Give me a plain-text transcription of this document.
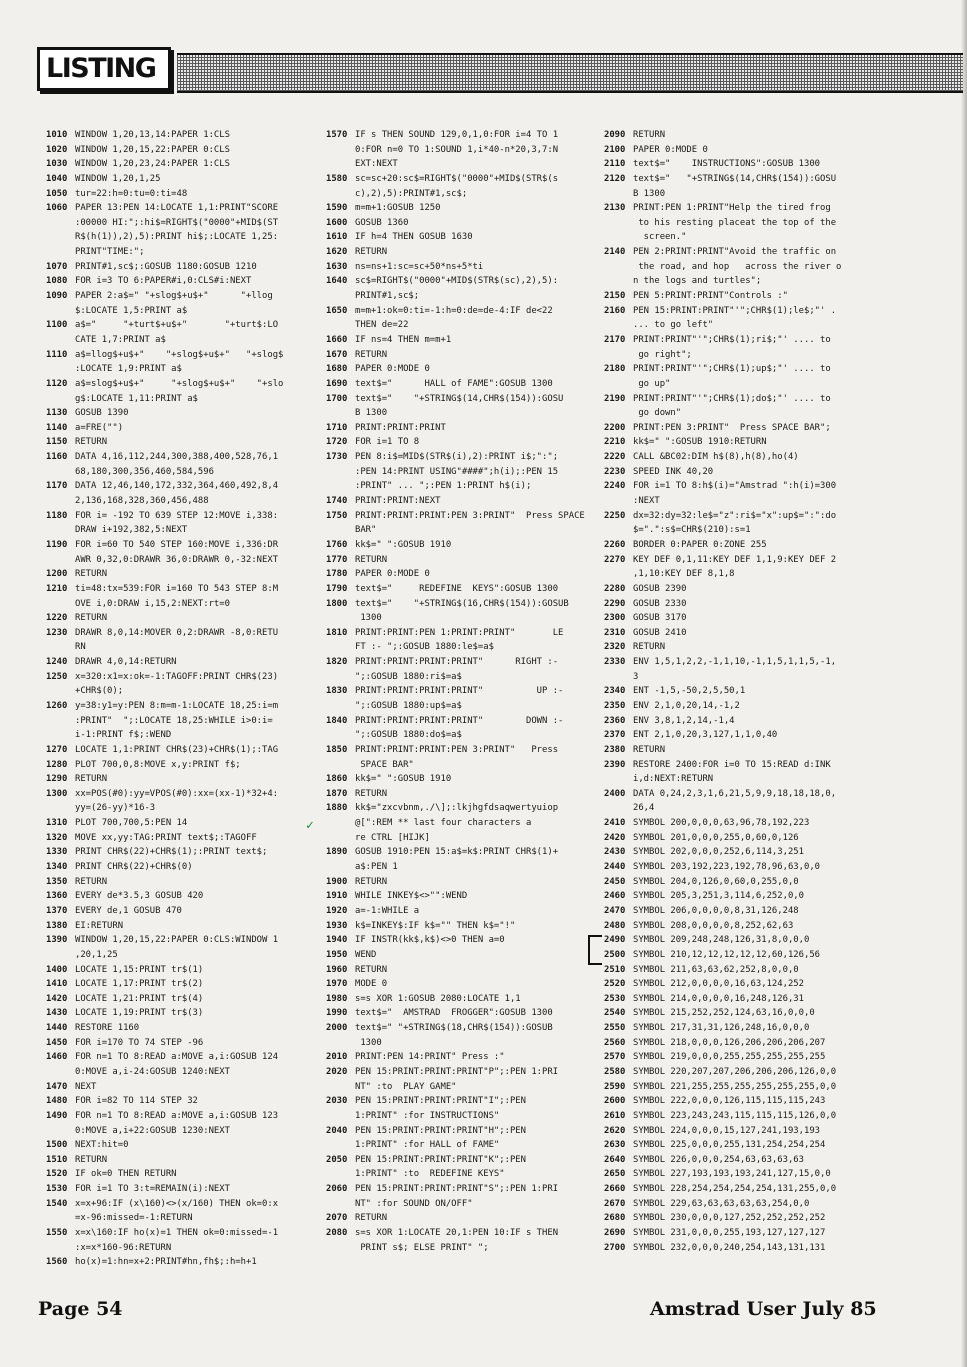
LISTING
1010 WINDOW 1,20,13,14:PAPER 1:CLS
1020 WINDOW 1,20,15,22:PAPER 0:CLS
1030 WINDOW 1,20,23,24:PAPER 1:CLS
1040 WINDOW 1,20,1,25
1050 tur=22:h=0:tu=0:ti=48
1060 PAPER 13:PEN 14:LOCATE 1,1:PRINT"SCORE
:00000 HI:";:hi$=RIGHT$("0000"+MID$(ST
R$(h(1)),2),5):PRINT hi$;:LOCATE 1,25:
PRINT"TIME:";
1070 PRINT#1,sc$;:GOSUB 1180:GOSUB 1210
1080 FOR i=3 TO 6:PAPER#i,0:CLS#i:NEXT
1090 PAPER 2:a$=" "+slog$+u$+"      "+llog
$:LOCATE 1,5:PRINT a$
1100 a$="     "+turt$+u$+"       "+turt$:LO
CATE 1,7:PRINT a$
1110 a$=llog$+u$+"    "+slog$+u$+"   "+slog$
:LOCATE 1,9:PRINT a$
1120 a$=slog$+u$+"     "+slog$+u$+"    "+slo
g$:LOCATE 1,11:PRINT a$
1130 GOSUB 1390
1140 a=FRE("")
1150 RETURN
1160 DATA 4,16,112,244,300,388,400,528,76,1
68,180,300,356,460,584,596
1170 DATA 12,46,140,172,332,364,460,492,8,4
2,136,168,328,360,456,488
1180 FOR i= -192 TO 639 STEP 12:MOVE i,338:
DRAW i+192,382,5:NEXT
1190 FOR i=60 TO 540 STEP 160:MOVE i,336:DR
AWR 0,32,0:DRAWR 36,0:DRAWR 0,-32:NEXT
1200 RETURN
1210 ti=48:tx=539:FOR i=160 TO 543 STEP 8:M
OVE i,0:DRAW i,15,2:NEXT:rt=0
1220 RETURN
1230 DRAWR 8,0,14:MOVER 0,2:DRAWR -8,0:RETU
RN
1240 DRAWR 4,0,14:RETURN
1250 x=320:x1=x:ok=-1:TAGOFF:PRINT CHR$(23)
+CHR$(0);
1260 y=38:y1=y:PEN 8:m=m-1:LOCATE 18,25:i=m
:PRINT"  ";:LOCATE 18,25:WHILE i>0:i=
i-1:PRINT f$;:WEND
1270 LOCATE 1,1:PRINT CHR$(23)+CHR$(1);:TAG
1280 PLOT 700,0,8:MOVE x,y:PRINT f$;
1290 RETURN
1300 xx=POS(#0):yy=VPOS(#0):xx=(xx-1)*32+4:
yy=(26-yy)*16-3
1310 PLOT 700,700,5:PEN 14
1320 MOVE xx,yy:TAG:PRINT text$;:TAGOFF
1330 PRINT CHR$(22)+CHR$(1);:PRINT text$;
1340 PRINT CHR$(22)+CHR$(0)
1350 RETURN
1360 EVERY de*3.5,3 GOSUB 420
1370 EVERY de,1 GOSUB 470
1380 EI:RETURN
1390 WINDOW 1,20,15,22:PAPER 0:CLS:WINDOW 1
,20,1,25
1400 LOCATE 1,15:PRINT tr$(1)
1410 LOCATE 1,17:PRINT tr$(2)
1420 LOCATE 1,21:PRINT tr$(4)
1430 LOCATE 1,19:PRINT tr$(3)
1440 RESTORE 1160
1450 FOR i=170 TO 74 STEP -96
1460 FOR n=1 TO 8:READ a:MOVE a,i:GOSUB 124
0:MOVE a,i-24:GOSUB 1240:NEXT
1470 NEXT
1480 FOR i=82 TO 114 STEP 32
1490 FOR n=1 TO 8:READ a:MOVE a,i:GOSUB 123
0:MOVE a,i+22:GOSUB 1230:NEXT
1500 NEXT:hit=0
1510 RETURN
1520 IF ok=0 THEN RETURN
1530 FOR i=1 TO 3:t=REMAIN(i):NEXT
1540 x=x+96:IF (x\160)<>(x/160) THEN ok=0:x
=x-96:missed=-1:RETURN
1550 x=x\160:IF ho(x)=1 THEN ok=0:missed=-1
:x=x*160-96:RETURN
1560 ho(x)=1:hn=x+2:PRINT#hn,fh$;:h=h+1
1570 IF s THEN SOUND 129,0,1,0:FOR i=4 TO 1
0:FOR n=0 TO 1:SOUND 1,i*40-n*20,3,7:N
EXT:NEXT
1580 sc=sc+20:sc$=RIGHT$("0000"+MID$(STR$(s
c),2),5):PRINT#1,sc$;
1590 m=m+1:GOSUB 1250
1600 GOSUB 1360
1610 IF h=4 THEN GOSUB 1630
1620 RETURN
1630 ns=ns+1:sc=sc+50*ns+5*ti
1640 sc$=RIGHT$("0000"+MID$(STR$(sc),2),5):
PRINT#1,sc$;
1650 m=m+1:ok=0:ti=-1:h=0:de=de-4:IF de<22
THEN de=22
1660 IF ns=4 THEN m=m+1
1670 RETURN
1680 PAPER 0:MODE 0
1690 text$="      HALL of FAME":GOSUB 1300
1700 text$="    "+STRING$(14,CHR$(154)):GOSU
B 1300
1710 PRINT:PRINT:PRINT
1720 FOR i=1 TO 8
1730 PEN 8:i$=MID$(STR$(i),2):PRINT i$;":";
:PEN 14:PRINT USING"####";h(i);:PEN 15
:PRINT" ... ";:PEN 1:PRINT h$(i);
1740 PRINT:PRINT:NEXT
1750 PRINT:PRINT:PRINT:PEN 3:PRINT"  Press SPACE
BAR"
1760 kk$=" ":GOSUB 1910
1770 RETURN
1780 PAPER 0:MODE 0
1790 text$="     REDEFINE  KEYS":GOSUB 1300
1800 text$="    "+STRING$(16,CHR$(154)):GOSUB
1300
1810 PRINT:PRINT:PEN 1:PRINT:PRINT"       LE
FT :- ";:GOSUB 1880:le$=a$
1820 PRINT:PRINT:PRINT:PRINT"      RIGHT :-
";:GOSUB 1880:ri$=a$
1830 PRINT:PRINT:PRINT:PRINT"          UP :-
";:GOSUB 1880:up$=a$
1840 PRINT:PRINT:PRINT:PRINT"        DOWN :-
";:GOSUB 1880:do$=a$
1850 PRINT:PRINT:PRINT:PEN 3:PRINT"   Press
SPACE BAR"
1860 kk$=" ":GOSUB 1910
1870 RETURN
1880 kk$="zxcvbnm,./\];:lkjhgfdsaqwertyuiop
@[":REM ** last four characters a
re CTRL [HIJK]
1890 GOSUB 1910:PEN 15:a$=k$:PRINT CHR$(1)+
a$:PEN 1
1900 RETURN
1910 WHILE INKEY$<>"":WEND
1920 a=-1:WHILE a
1930 k$=INKEY$:IF k$="" THEN k$="!"
1940 IF INSTR(kk$,k$)<>0 THEN a=0
1950 WEND
1960 RETURN
1970 MODE 0
1980 s=s XOR 1:GOSUB 2080:LOCATE 1,1
1990 text$="  AMSTRAD  FROGGER":GOSUB 1300
2000 text$=" "+STRING$(18,CHR$(154)):GOSUB
1300
2010 PRINT:PEN 14:PRINT" Press :"
2020 PEN 15:PRINT:PRINT:PRINT"P";:PEN 1:PRI
NT" :to  PLAY GAME"
2030 PEN 15:PRINT:PRINT:PRINT"I";:PEN
1:PRINT" :for INSTRUCTIONS"
2040 PEN 15:PRINT:PRINT:PRINT"H";:PEN
1:PRINT" :for HALL of FAME"
2050 PEN 15:PRINT:PRINT:PRINT"K";:PEN
1:PRINT" :to  REDEFINE KEYS"
2060 PEN 15:PRINT:PRINT:PRINT"S";:PEN 1:PRI
NT" :for SOUND ON/OFF"
2070 RETURN
2080 s=s XOR 1:LOCATE 20,1:PEN 10:IF s THEN
PRINT s$; ELSE PRINT" ";
2090 RETURN
2100 PAPER 0:MODE 0
2110 text$="    INSTRUCTIONS":GOSUB 1300
2120 text$="   "+STRING$(14,CHR$(154)):GOSU
B 1300
2130 PRINT:PEN 1:PRINT"Help the tired frog
to his resting placeat the top of the
screen."
2140 PEN 2:PRINT:PRINT"Avoid the traffic on
the road, and hop   across the river o
n the logs and turtles";
2150 PEN 5:PRINT:PRINT"Controls :"
2160 PEN 15:PRINT:PRINT"'";CHR$(1);le$;"' .
... to go left"
2170 PRINT:PRINT"'";CHR$(1);ri$;"' .... to
go right";
2180 PRINT:PRINT"'";CHR$(1);up$;"' .... to
go up"
2190 PRINT:PRINT"'";CHR$(1);do$;"' .... to
go down"
2200 PRINT:PEN 3:PRINT"  Press SPACE BAR";
2210 kk$=" ":GOSUB 1910:RETURN
2220 CALL &BC02:DIM h$(8),h(8),ho(4)
2230 SPEED INK 40,20
2240 FOR i=1 TO 8:h$(i)="Amstrad ":h(i)=300
:NEXT
2250 dx=32:dy=32:le$="z":ri$="x":up$=":":do
$=".":s$=CHR$(210):s=1
2260 BORDER 0:PAPER 0:ZONE 255
2270 KEY DEF 0,1,11:KEY DEF 1,1,9:KEY DEF 2
,1,10:KEY DEF 8,1,8
2280 GOSUB 2390
2290 GOSUB 2330
2300 GOSUB 3170
2310 GOSUB 2410
2320 RETURN
2330 ENV 1,5,1,2,2,-1,1,10,-1,1,5,1,1,5,-1,
3
2340 ENT -1,5,-50,2,5,50,1
2350 ENV 2,1,0,20,14,-1,2
2360 ENV 3,8,1,2,14,-1,4
2370 ENT 2,1,0,20,3,127,1,1,0,40
2380 RETURN
2390 RESTORE 2400:FOR i=0 TO 15:READ d:INK
i,d:NEXT:RETURN
2400 DATA 0,24,2,3,1,6,21,5,9,9,18,18,18,0,
26,4
2410 SYMBOL 200,0,0,0,63,96,78,192,223
2420 SYMBOL 201,0,0,0,255,0,60,0,126
2430 SYMBOL 202,0,0,0,252,6,114,3,251
2440 SYMBOL 203,192,223,192,78,96,63,0,0
2450 SYMBOL 204,0,126,0,60,0,255,0,0
2460 SYMBOL 205,3,251,3,114,6,252,0,0
2470 SYMBOL 206,0,0,0,0,8,31,126,248
2480 SYMBOL 208,0,0,0,0,8,252,62,63
2490 SYMBOL 209,248,248,126,31,8,0,0,0
2500 SYMBOL 210,12,12,12,12,12,60,126,56
2510 SYMBOL 211,63,63,62,252,8,0,0,0
2520 SYMBOL 212,0,0,0,0,16,63,124,252
2530 SYMBOL 214,0,0,0,0,16,248,126,31
2540 SYMBOL 215,252,252,124,63,16,0,0,0
2550 SYMBOL 217,31,31,126,248,16,0,0,0
2560 SYMBOL 218,0,0,0,126,206,206,206,207
2570 SYMBOL 219,0,0,0,255,255,255,255,255
2580 SYMBOL 220,207,207,206,206,206,126,0,0
2590 SYMBOL 221,255,255,255,255,255,255,0,0
2600 SYMBOL 222,0,0,0,126,115,115,115,243
2610 SYMBOL 223,243,243,115,115,115,126,0,0
2620 SYMBOL 224,0,0,0,15,127,241,193,193
2630 SYMBOL 225,0,0,0,255,131,254,254,254
2640 SYMBOL 226,0,0,0,254,63,63,63,63
2650 SYMBOL 227,193,193,193,241,127,15,0,0
2660 SYMBOL 228,254,254,254,254,131,255,0,0
2670 SYMBOL 229,63,63,63,63,63,254,0,0
2680 SYMBOL 230,0,0,0,127,252,252,252,252
2690 SYMBOL 231,0,0,0,255,193,127,127,127
2700 SYMBOL 232,0,0,0,240,254,143,131,131
✓
Page 54	Amstrad User July 85
